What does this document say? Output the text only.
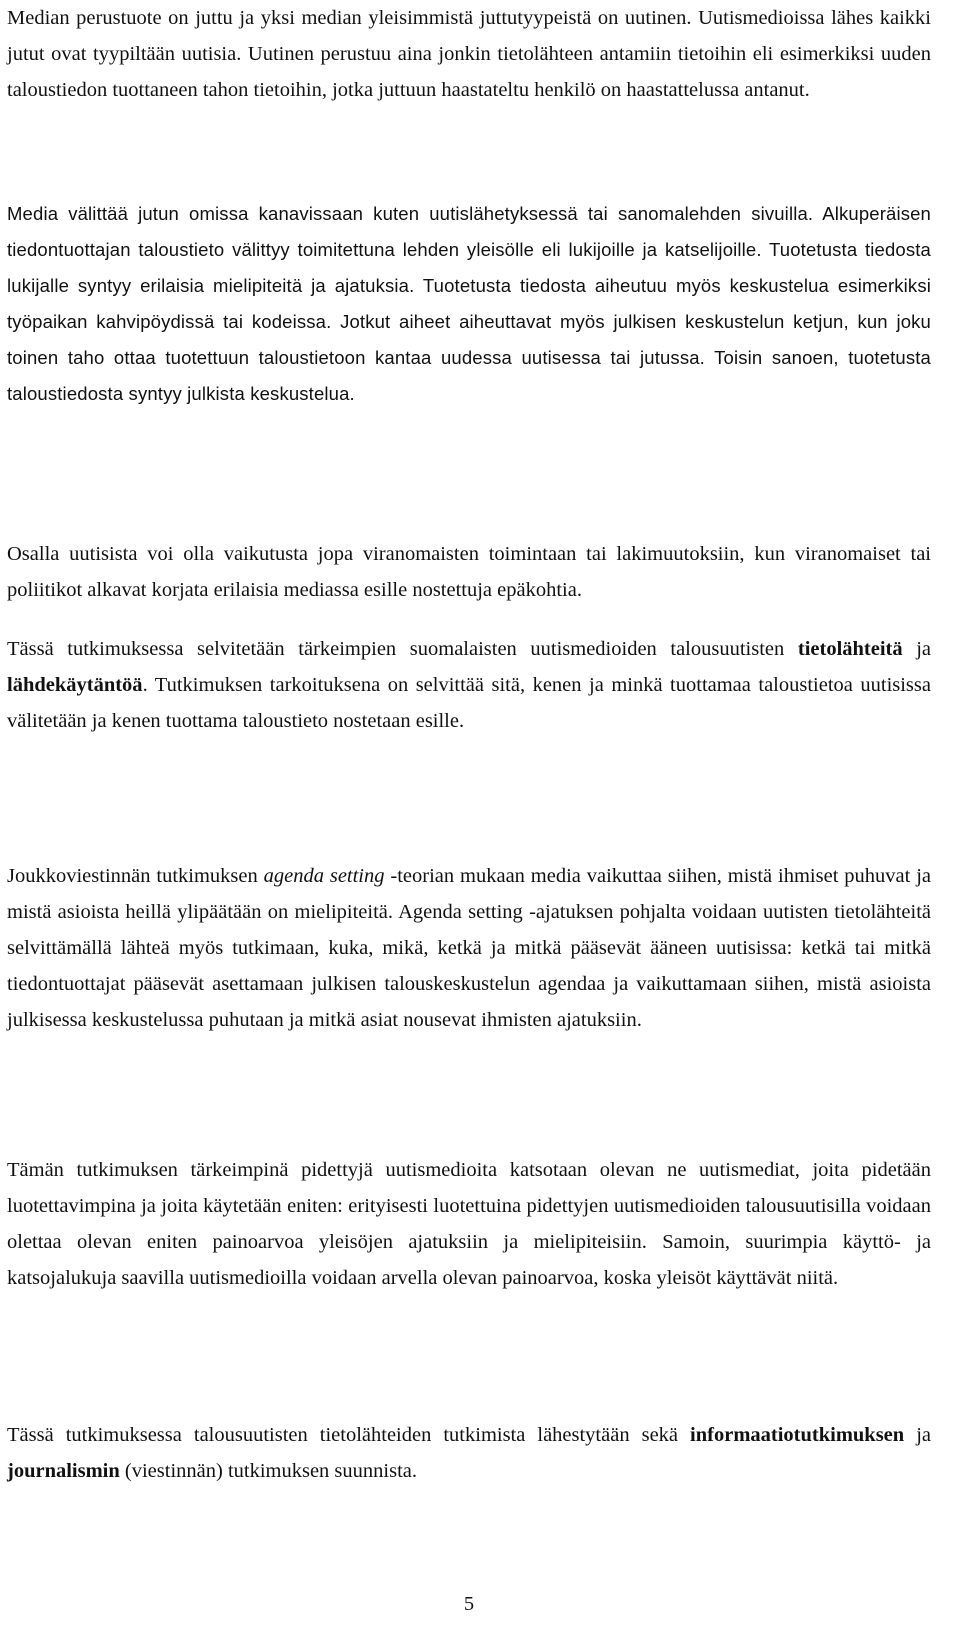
Median perustuote on juttu ja yksi median yleisimmistä juttutyypeistä on uutinen. Uutismedioissa lähes kaikki jutut ovat tyypiltään uutisia. Uutinen perustuu aina jonkin tietolähteen antamiin tietoihin eli esimerkiksi uuden taloustiedon tuottaneen tahon tietoihin, jotka juttuun haastateltu henkilö on haastattelussa antanut.

Media välittää jutun omissa kanavissaan kuten uutislähetyksessä tai sanomalehden sivuilla. Alkuperäisen tiedontuottajan taloustieto välittyy toimitettuna lehden yleisölle eli lukijoille ja katselijoille. Tuotetusta tiedosta lukijalle syntyy erilaisia mielipiteitä ja ajatuksia. Tuotetusta tiedosta aiheutuu myös keskustelua esimerkiksi työpaikan kahvipöydissä tai kodeissa. Jotkut aiheet aiheuttavat myös julkisen keskustelun ketjun, kun joku toinen taho ottaa tuotettuun taloustietoon kantaa uudessa uutisessa tai jutussa. Toisin sanoen, tuotetusta taloustiedosta syntyy julkista keskustelua.

Osalla uutisista voi olla vaikutusta jopa viranomaisten toimintaan tai lakimuutoksiin, kun viranomaiset tai poliitikot alkavat korjata erilaisia mediassa esille nostettuja epäkohtia.

Tässä tutkimuksessa selvitetään tärkeimpien suomalaisten uutismedioiden talousuutisten tietolähteitä ja lähdekäytäntöä. Tutkimuksen tarkoituksena on selvittää sitä, kenen ja minkä tuottamaa taloustietoa uutisissa välitetään ja kenen tuottama taloustieto nostetaan esille.

Joukkoviestinnän tutkimuksen agenda setting -teorian mukaan media vaikuttaa siihen, mistä ihmiset puhuvat ja mistä asioista heillä ylipäätään on mielipiteitä. Agenda setting -ajatuksen pohjalta voidaan uutisten tietolähteitä selvittämällä lähteä myös tutkimaan, kuka, mikä, ketkä ja mitkä pääsevät ääneen uutisissa: ketkä tai mitkä tiedontuottajat pääsevät asettamaan julkisen talouskeskustelun agendaa ja vaikuttamaan siihen, mistä asioista julkisessa keskustelussa puhutaan ja mitkä asiat nousevat ihmisten ajatuksiin.

Tämän tutkimuksen tärkeimpinä pidettyjä uutismedioita katsotaan olevan ne uutismediat, joita pidetään luotettavimpina ja joita käytetään eniten: erityisesti luotettuina pidettyjen uutismedioiden talousuutisilla voidaan olettaa olevan eniten painoarvoa yleisöjen ajatuksiin ja mielipiteisiin. Samoin, suurimpia käyttö- ja katsojalukuja saavilla uutismedioilla voidaan arvella olevan painoarvoa, koska yleisöt käyttävät niitä.

Tässä tutkimuksessa talousuutisten tietolähteiden tutkimista lähestytään sekä informaatiotutkimuksen ja journalismin (viestinnän) tutkimuksen suunnista.

5
